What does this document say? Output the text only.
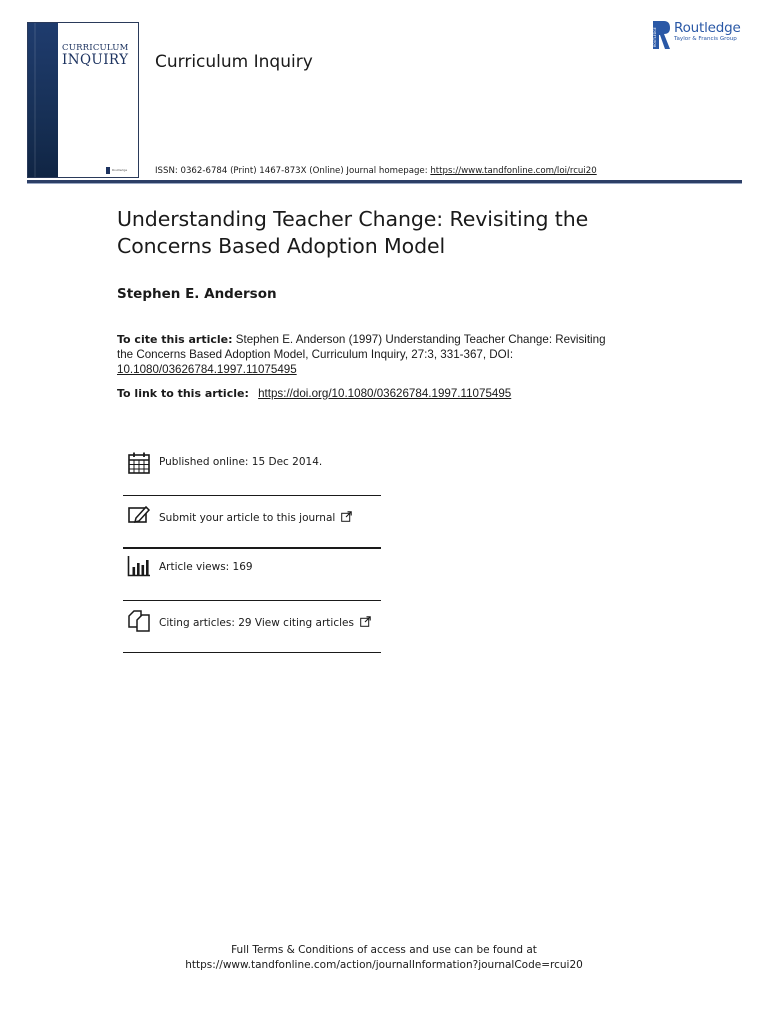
CURRICULUM
INQUIRY
Routledge
Curriculum Inquiry
ROUTLEDGE Routledge
Taylor & Francis Group
ISSN: 0362-6784 (Print) 1467-873X (Online) Journal homepage: https://www.tandfonline.com/loi/rcui20
Understanding Teacher Change: Revisiting the
Concerns Based Adoption Model
Stephen E. Anderson
To cite this article: Stephen E. Anderson (1997) Understanding Teacher Change: Revisiting the Concerns Based Adoption Model, Curriculum Inquiry, 27:3, 331-367, DOI:
10.1080/03626784.1997.11075495
To link to this article: https://doi.org/10.1080/03626784.1997.11075495
Published online: 15 Dec 2014.
Submit your article to this journal
Article views: 169
Citing articles: 29 View citing articles
Full Terms & Conditions of access and use can be found at
https://www.tandfonline.com/action/journalInformation?journalCode=rcui20
